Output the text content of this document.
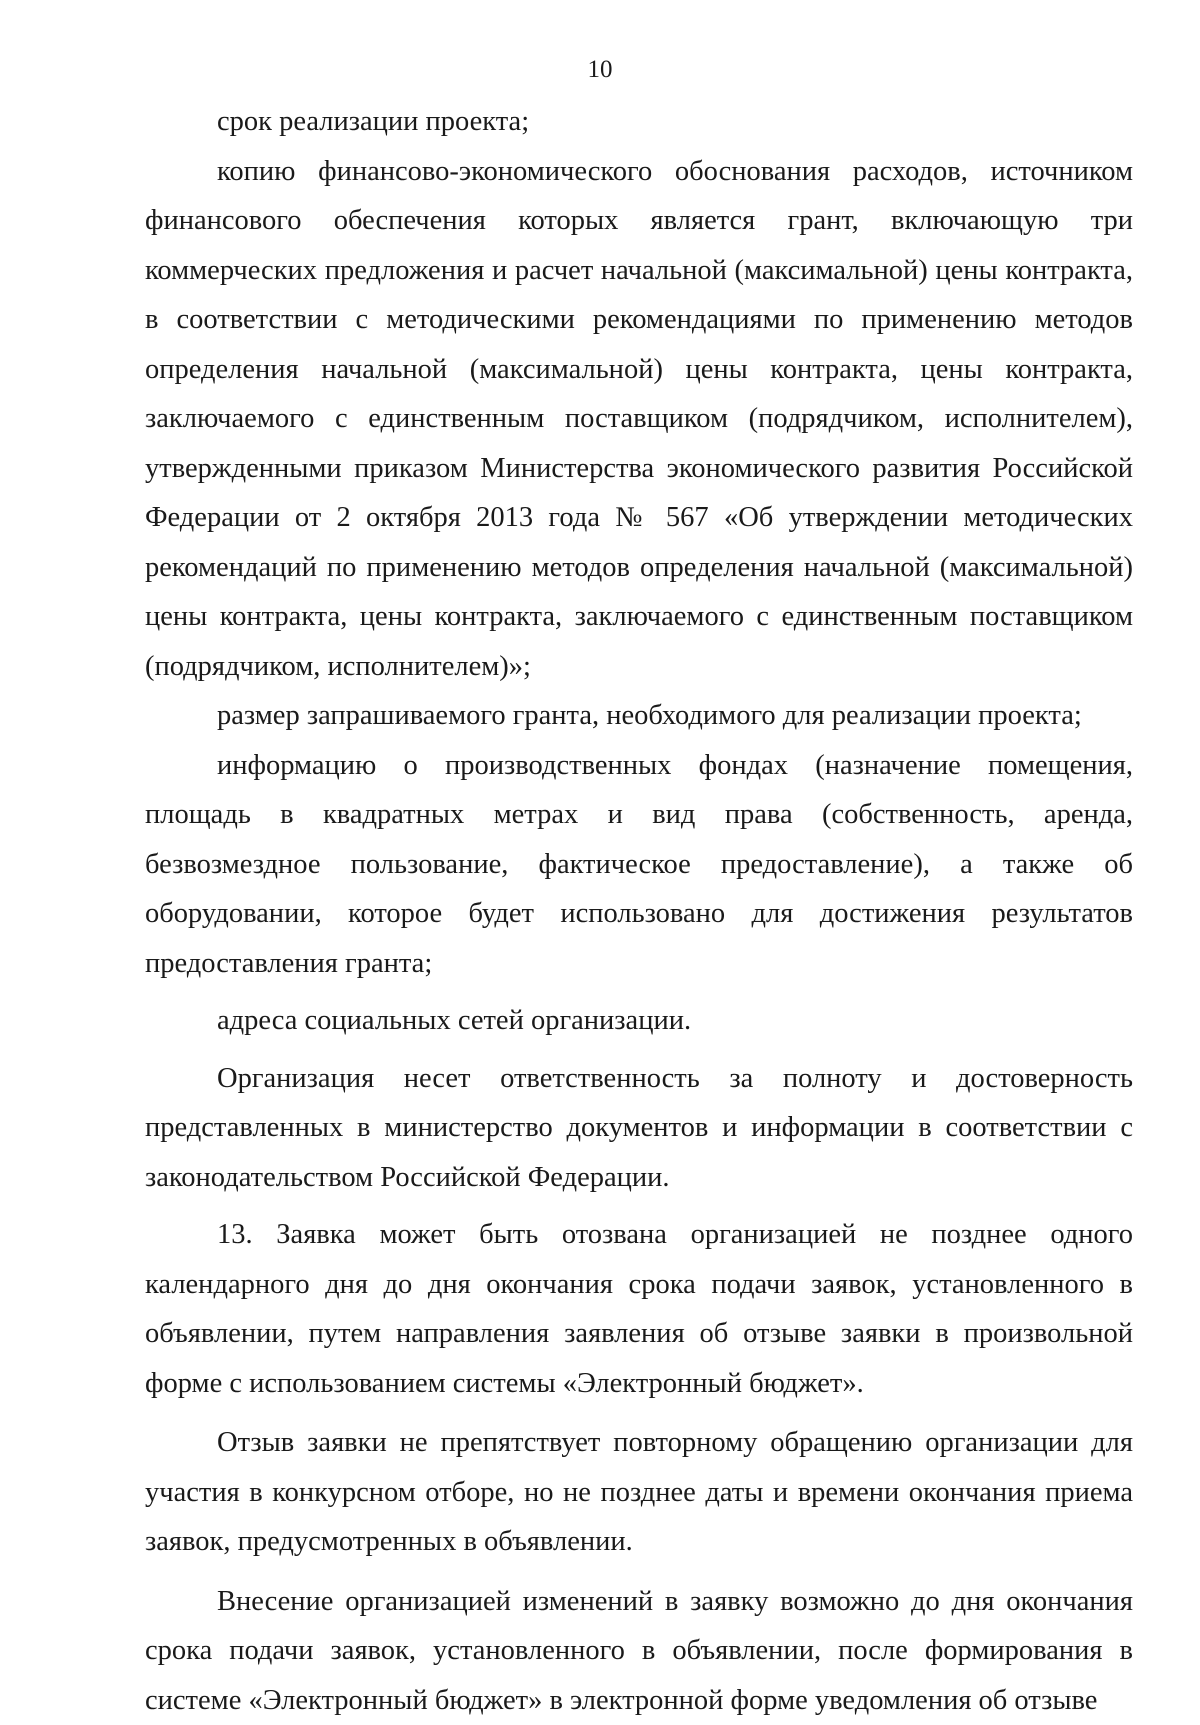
10

срок реализации проекта;

копию финансово-экономического обоснования расходов, источником финансового обеспечения которых является грант, включающую три коммерческих предложения и расчет начальной (максимальной) цены контракта, в соответствии с методическими рекомендациями по применению методов определения начальной (максимальной) цены контракта, цены контракта, заключаемого с единственным поставщиком (подрядчиком, исполнителем), утвержденными приказом Министерства экономического развития Российской Федерации от 2 октября 2013 года № 567 «Об утверждении методических рекомендаций по применению методов определения начальной (максимальной) цены контракта, цены контракта, заключаемого с единственным поставщиком (подрядчиком, исполнителем)»;

размер запрашиваемого гранта, необходимого для реализации проекта;

информацию о производственных фондах (назначение помещения, площадь в квадратных метрах и вид права (собственность, аренда, безвозмездное пользование, фактическое предоставление), а также об оборудовании, которое будет использовано для достижения результатов предоставления гранта;

адреса социальных сетей организации.

Организация несет ответственность за полноту и достоверность представленных в министерство документов и информации в соответствии с законодательством Российской Федерации.

13. Заявка может быть отозвана организацией не позднее одного календарного дня до дня окончания срока подачи заявок, установленного в объявлении, путем направления заявления об отзыве заявки в произвольной форме с использованием системы «Электронный бюджет».

Отзыв заявки не препятствует повторному обращению организации для участия в конкурсном отборе, но не позднее даты и времени окончания приема заявок, предусмотренных в объявлении.

Внесение организацией изменений в заявку возможно до дня окончания срока подачи заявок, установленного в объявлении, после формирования в системе «Электронный бюджет» в электронной форме уведомления об отзыве
